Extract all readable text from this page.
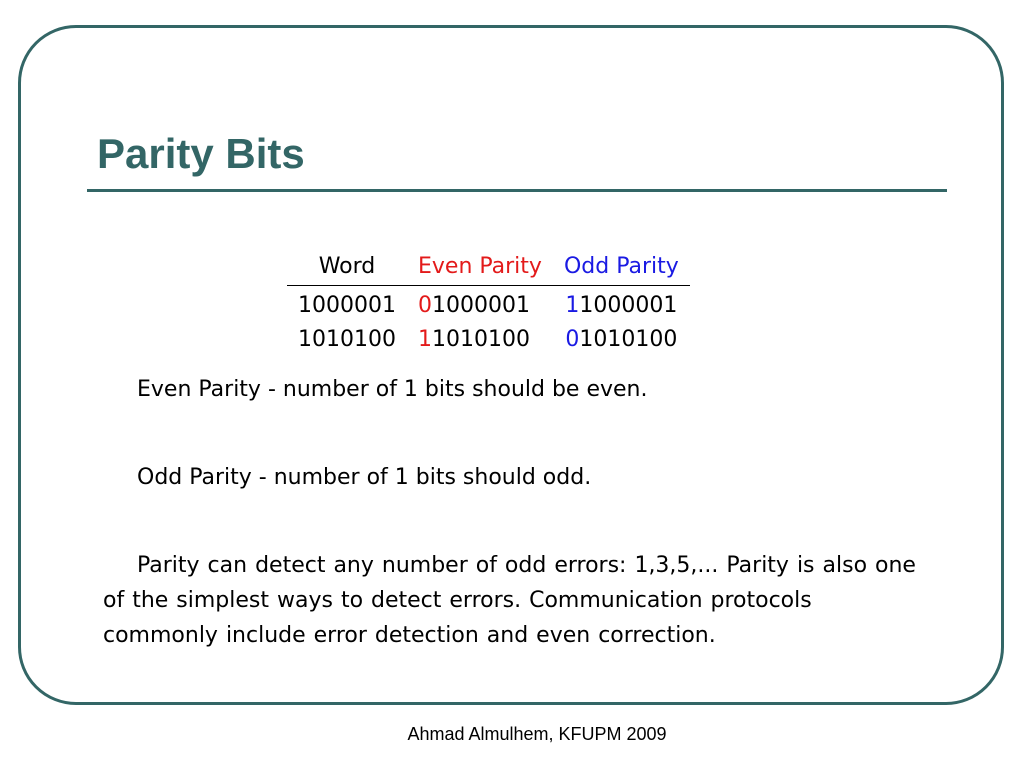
Parity Bits
Word	Even Parity	Odd Parity
1000001	01000001	11000001
1010100	11010100	01010100

Even Parity - number of 1 bits should be even.

Odd Parity - number of 1 bits should odd.

Parity can detect any number of odd errors: 1,3,5,... Parity is also one of the simplest ways to detect errors. Communication protocols commonly include error detection and even correction.

Ahmad Almulhem, KFUPM 2009
